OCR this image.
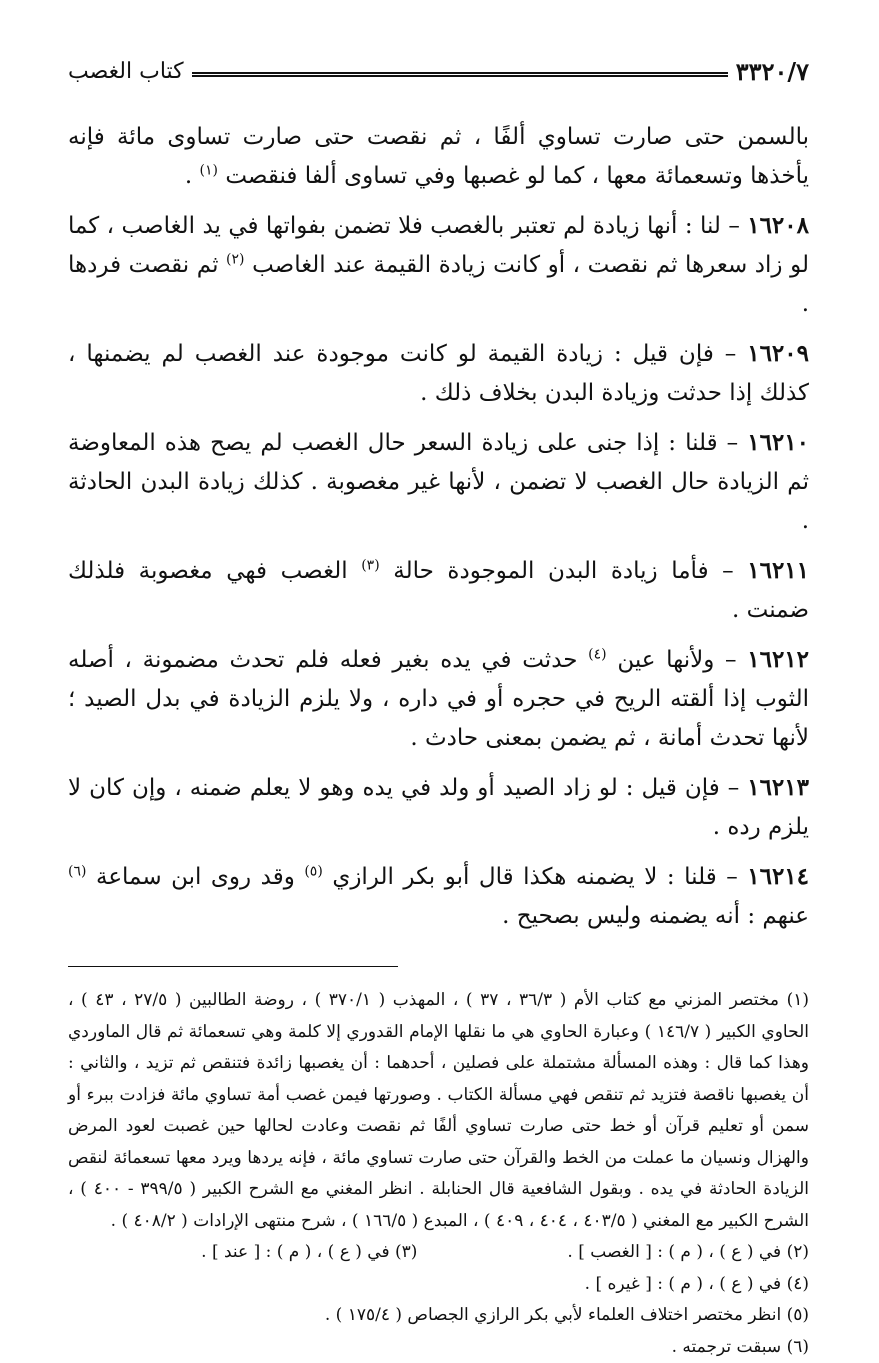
٣٣٢٠/٧
كتاب الغصب

بالسمن حتى صارت تساوي ألفًا ، ثم نقصت حتى صارت تساوى مائة فإنه يأخذها وتسعمائة معها ، كما لو غصبها وفي تساوى ألفا فنقصت $^{(١)}$ .

١٦٢٠٨ – لنا : أنها زيادة لم تعتبر بالغصب فلا تضمن بفواتها في يد الغاصب ، كما لو زاد سعرها ثم نقصت ، أو كانت زيادة القيمة عند الغاصب $^{(٢)}$ ثم نقصت فردها .

١٦٢٠٩ – فإن قيل : زيادة القيمة لو كانت موجودة عند الغصب لم يضمنها ، كذلك إذا حدثت وزيادة البدن بخلاف ذلك .

١٦٢١٠ – قلنا : إذا جنى على زيادة السعر حال الغصب لم يصح هذه المعاوضة ثم الزيادة حال الغصب لا تضمن ، لأنها غير مغصوبة . كذلك زيادة البدن الحادثة .

١٦٢١١ – فأما زيادة البدن الموجودة حالة $^{(٣)}$ الغصب فهي مغصوبة فلذلك ضمنت .

١٦٢١٢ – ولأنها عين $^{(٤)}$ حدثت في يده بغير فعله فلم تحدث مضمونة ، أصله الثوب إذا ألقته الريح في حجره أو في داره ، ولا يلزم الزيادة في بدل الصيد ؛ لأنها تحدث أمانة ، ثم يضمن بمعنى حادث .

١٦٢١٣ – فإن قيل : لو زاد الصيد أو ولد في يده وهو لا يعلم ضمنه ، وإن كان لا يلزم رده .

١٦٢١٤ – قلنا : لا يضمنه هكذا قال أبو بكر الرازي $^{(٥)}$ وقد روى ابن سماعة $^{(٦)}$ عنهم : أنه يضمنه وليس بصحيح .

(١) مختصر المزني مع كتاب الأم ( ٣٦/٣ ، ٣٧ ) ، المهذب ( ٣٧٠/١ ) ، روضة الطالبين ( ٢٧/٥ ، ٤٣ ) ، الحاوي الكبير ( ١٤٦/٧ ) وعبارة الحاوي هي ما نقلها الإمام القدوري إلا كلمة وهي تسعمائة ثم قال الماوردي وهذا كما قال : وهذه المسألة مشتملة على فصلين ، أحدهما : أن يغصبها زائدة فتنقص ثم تزيد ، والثاني : أن يغصبها ناقصة فتزيد ثم تنقص فهي مسألة الكتاب . وصورتها فيمن غصب أمة تساوي مائة فزادت ببرء أو سمن أو تعليم قرآن أو خط حتى صارت تساوي ألفًا ثم نقصت وعادت لحالها حين غصبت لعود المرض والهزال ونسيان ما عملت من الخط والقرآن حتى صارت تساوي مائة ، فإنه يردها ويرد معها تسعمائة لنقص الزيادة الحادثة في يده . وبقول الشافعية قال الحنابلة . انظر المغني مع الشرح الكبير ( ٣٩٩/٥ - ٤٠٠ ) ، الشرح الكبير مع المغني ( ٤٠٣/٥ ، ٤٠٤ ، ٤٠٩ ) ، المبدع ( ١٦٦/٥ ) ، شرح منتهى الإرادات ( ٤٠٨/٢ ) .

(٢) في ( ع ) ، ( م ) : [ الغصب ] .
(٣) في ( ع ) ، ( م ) : [ عند ] .

(٤) في ( ع ) ، ( م ) : [ غيره ] .

(٥) انظر مختصر اختلاف العلماء لأبي بكر الرازي الجصاص ( ١٧٥/٤ ) .

(٦) سبقت ترجمته .
